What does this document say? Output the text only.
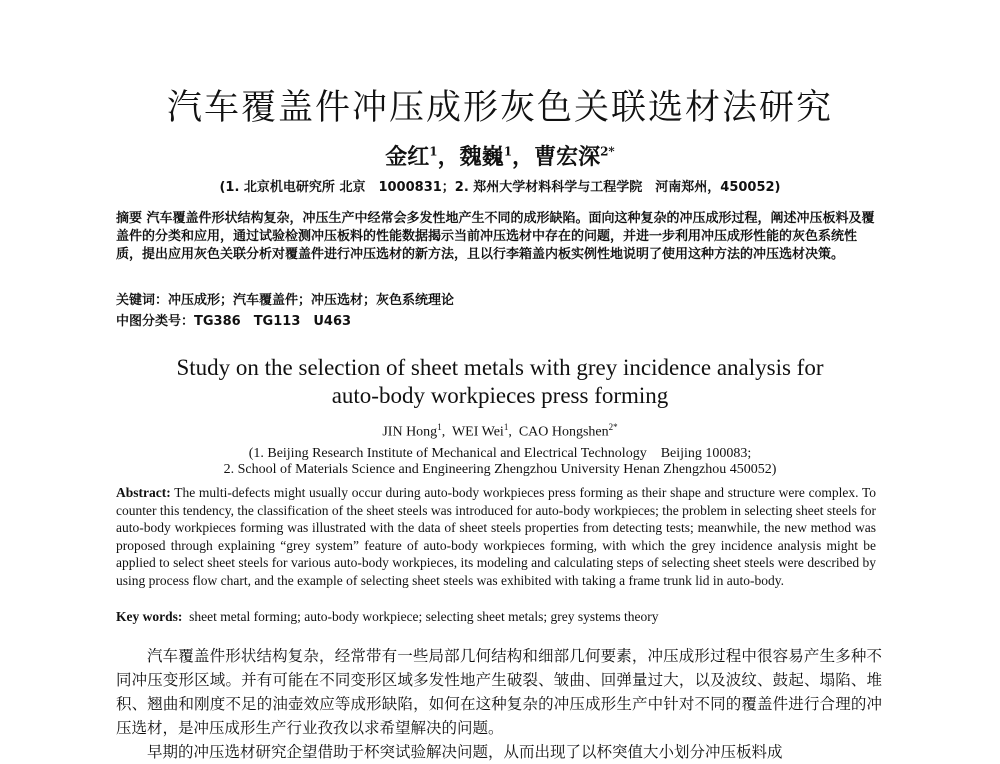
汽车覆盖件冲压成形灰色关联选材法研究
金红$^1$，魏巍$^1$，曹宏深$^{2*}$
(1. 北京机电研究所 北京　1000831；2. 郑州大学材料科学与工程学院　河南郑州，450052)
摘要 汽车覆盖件形状结构复杂，冲压生产中经常会多发性地产生不同的成形缺陷。面向这种复杂的冲压成形过程，阐述冲压板料及覆盖件的分类和应用，通过试验检测冲压板料的性能数据揭示当前冲压选材中存在的问题，并进一步利用冲压成形性能的灰色系统性质，提出应用灰色关联分析对覆盖件进行冲压选材的新方法，且以行李箱盖内板实例性地说明了使用这种方法的冲压选材决策。
关键词：冲压成形；汽车覆盖件；冲压选材；灰色系统理论
中图分类号：TG386　TG113　U463
Study on the selection of sheet metals with grey incidence analysis for
auto-body workpieces press forming
JIN Hong$^1$,  WEI Wei$^1$,  CAO Hongshen$^{2*}$
(1. Beijing Research Institute of Mechanical and Electrical Technology　Beijing 100083;
2. School of Materials Science and Engineering Zhengzhou University Henan Zhengzhou 450052)
Abstract: The multi-defects might usually occur during auto-body workpieces press forming as their shape and structure were complex. To counter this tendency, the classification of the sheet steels was introduced for auto-body workpieces; the problem in selecting sheet steels for auto-body workpieces forming was illustrated with the data of sheet steels properties from detecting tests; meanwhile, the new method was proposed through explaining “grey system” feature of auto-body workpieces forming, with which the grey incidence analysis might be applied to select sheet steels for various auto-body workpieces, its modeling and calculating steps of selecting sheet steels were described by using process flow chart, and the example of selecting sheet steels was exhibited with taking a frame trunk lid in auto-body.
Key words: sheet metal forming; auto-body workpiece; selecting sheet metals; grey systems theory
汽车覆盖件形状结构复杂，经常带有一些局部几何结构和细部几何要素，冲压成形过程中很容易产生多种不同冲压变形区域。并有可能在不同变形区域多发性地产生破裂、皱曲、回弹量过大，以及波纹、鼓起、塌陷、堆积、翘曲和刚度不足的油壶效应等成形缺陷，如何在这种复杂的冲压成形生产中针对不同的覆盖件进行合理的冲压选材，是冲压成形生产行业孜孜以求希望解决的问题。
早期的冲压选材研究企望借助于杯突试验解决问题，从而出现了以杯突值大小划分冲压板料成
